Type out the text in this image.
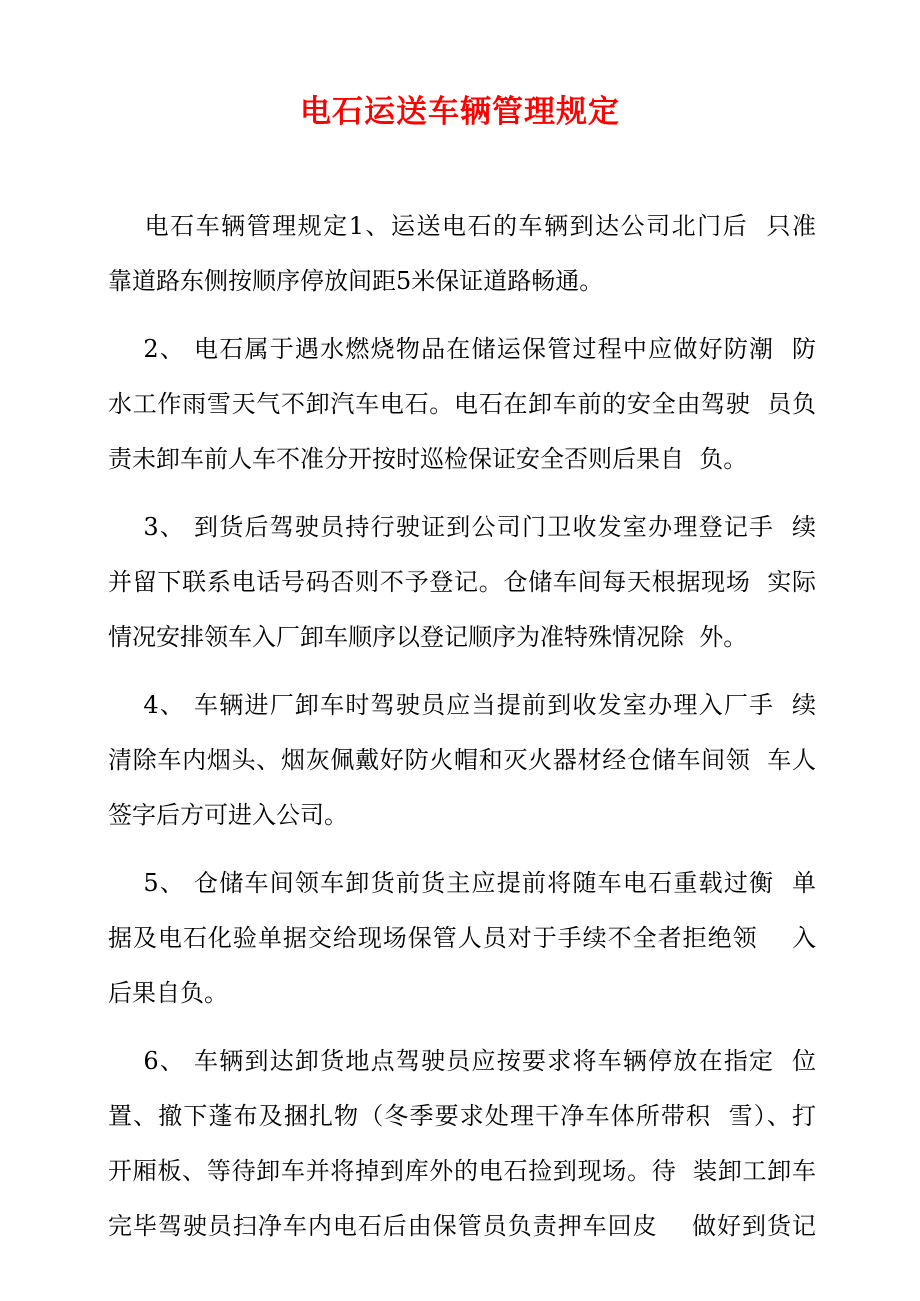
电石运送车辆管理规定
电石车辆管理规定1、运送电石的车辆到达公司北门后  只准
靠道路东侧按顺序停放间距5米保证道路畅通。
2、 电石属于遇水燃烧物品在储运保管过程中应做好防潮  防
水工作雨雪天气不卸汽车电石。电石在卸车前的安全由驾驶  员负
责未卸车前人车不准分开按时巡检保证安全否则后果自  负。
3、 到货后驾驶员持行驶证到公司门卫收发室办理登记手  续
并留下联系电话号码否则不予登记。仓储车间每天根据现场  实际
情况安排领车入厂卸车顺序以登记顺序为准特殊情况除  外。
4、 车辆进厂卸车时驾驶员应当提前到收发室办理入厂手  续
清除车内烟头、烟灰佩戴好防火帽和灭火器材经仓储车间领  车人
签字后方可进入公司。
5、 仓储车间领车卸货前货主应提前将随车电石重载过衡  单
据及电石化验单据交给现场保管人员对于手续不全者拒绝领    入
后果自负。
6、 车辆到达卸货地点驾驶员应按要求将车辆停放在指定  位
置、撤下蓬布及捆扎物（冬季要求处理干净车体所带积  雪）、打
开厢板、等待卸车并将掉到库外的电石捡到现场。待  装卸工卸车
完毕驾驶员扫净车内电石后由保管员负责押车回皮    做好到货记
